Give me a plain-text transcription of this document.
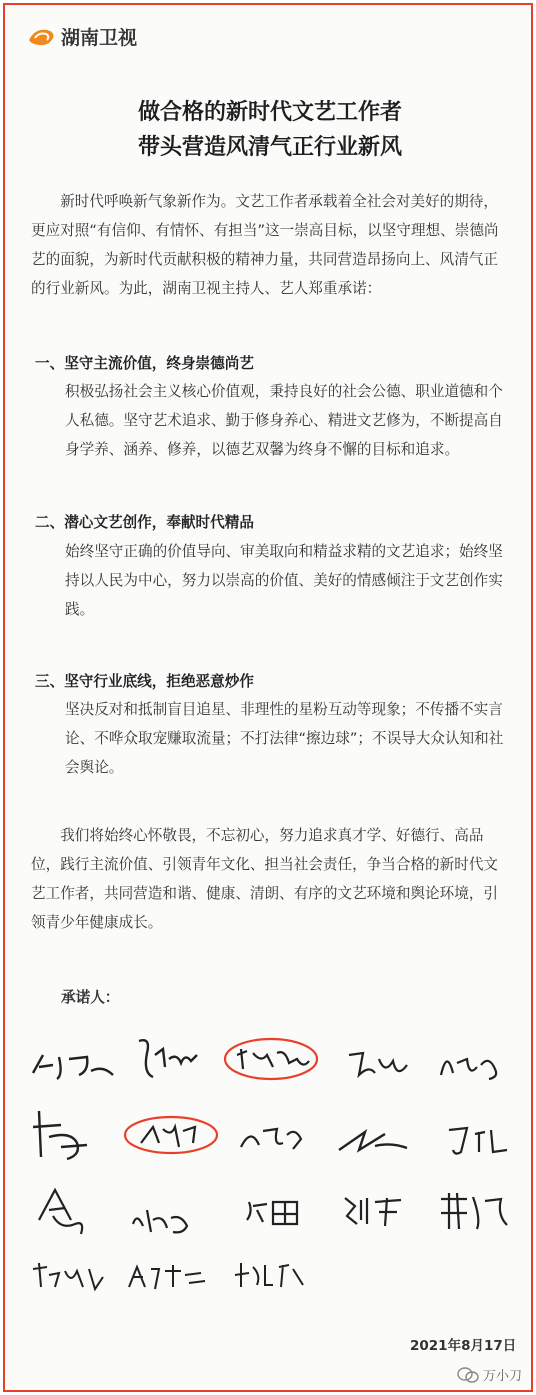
湖南卫视
做合格的新时代文艺工作者
带头营造风清气正行业新风

新时代呼唤新气象新作为。文艺工作者承载着全社会对美好的期待，更应对照“有信仰、有情怀、有担当”这一崇高目标，以坚守理想、崇德尚艺的面貌，为新时代贡献积极的精神力量，共同营造昂扬向上、风清气正的行业新风。为此，湖南卫视主持人、艺人郑重承诺：

一、坚守主流价值，终身崇德尚艺

积极弘扬社会主义核心价值观，秉持良好的社会公德、职业道德和个人私德。坚守艺术追求、勤于修身养心、精进文艺修为，不断提高自身学养、涵养、修养，以德艺双馨为终身不懈的目标和追求。

二、潜心文艺创作，奉献时代精品

始终坚守正确的价值导向、审美取向和精益求精的文艺追求；始终坚持以人民为中心，努力以崇高的价值、美好的情感倾注于文艺创作实践。

三、坚守行业底线，拒绝恶意炒作

坚决反对和抵制盲目追星、非理性的星粉互动等现象；不传播不实言论、不哗众取宠赚取流量；不打法律“擦边球”；不误导大众认知和社会舆论。

我们将始终心怀敬畏，不忘初心，努力追求真才学、好德行、高品位，践行主流价值、引领青年文化、担当社会责任，争当合格的新时代文艺工作者，共同营造和谐、健康、清朗、有序的文艺环境和舆论环境，引领青少年健康成长。

承诺人：
2021年8月17日
万小刀
